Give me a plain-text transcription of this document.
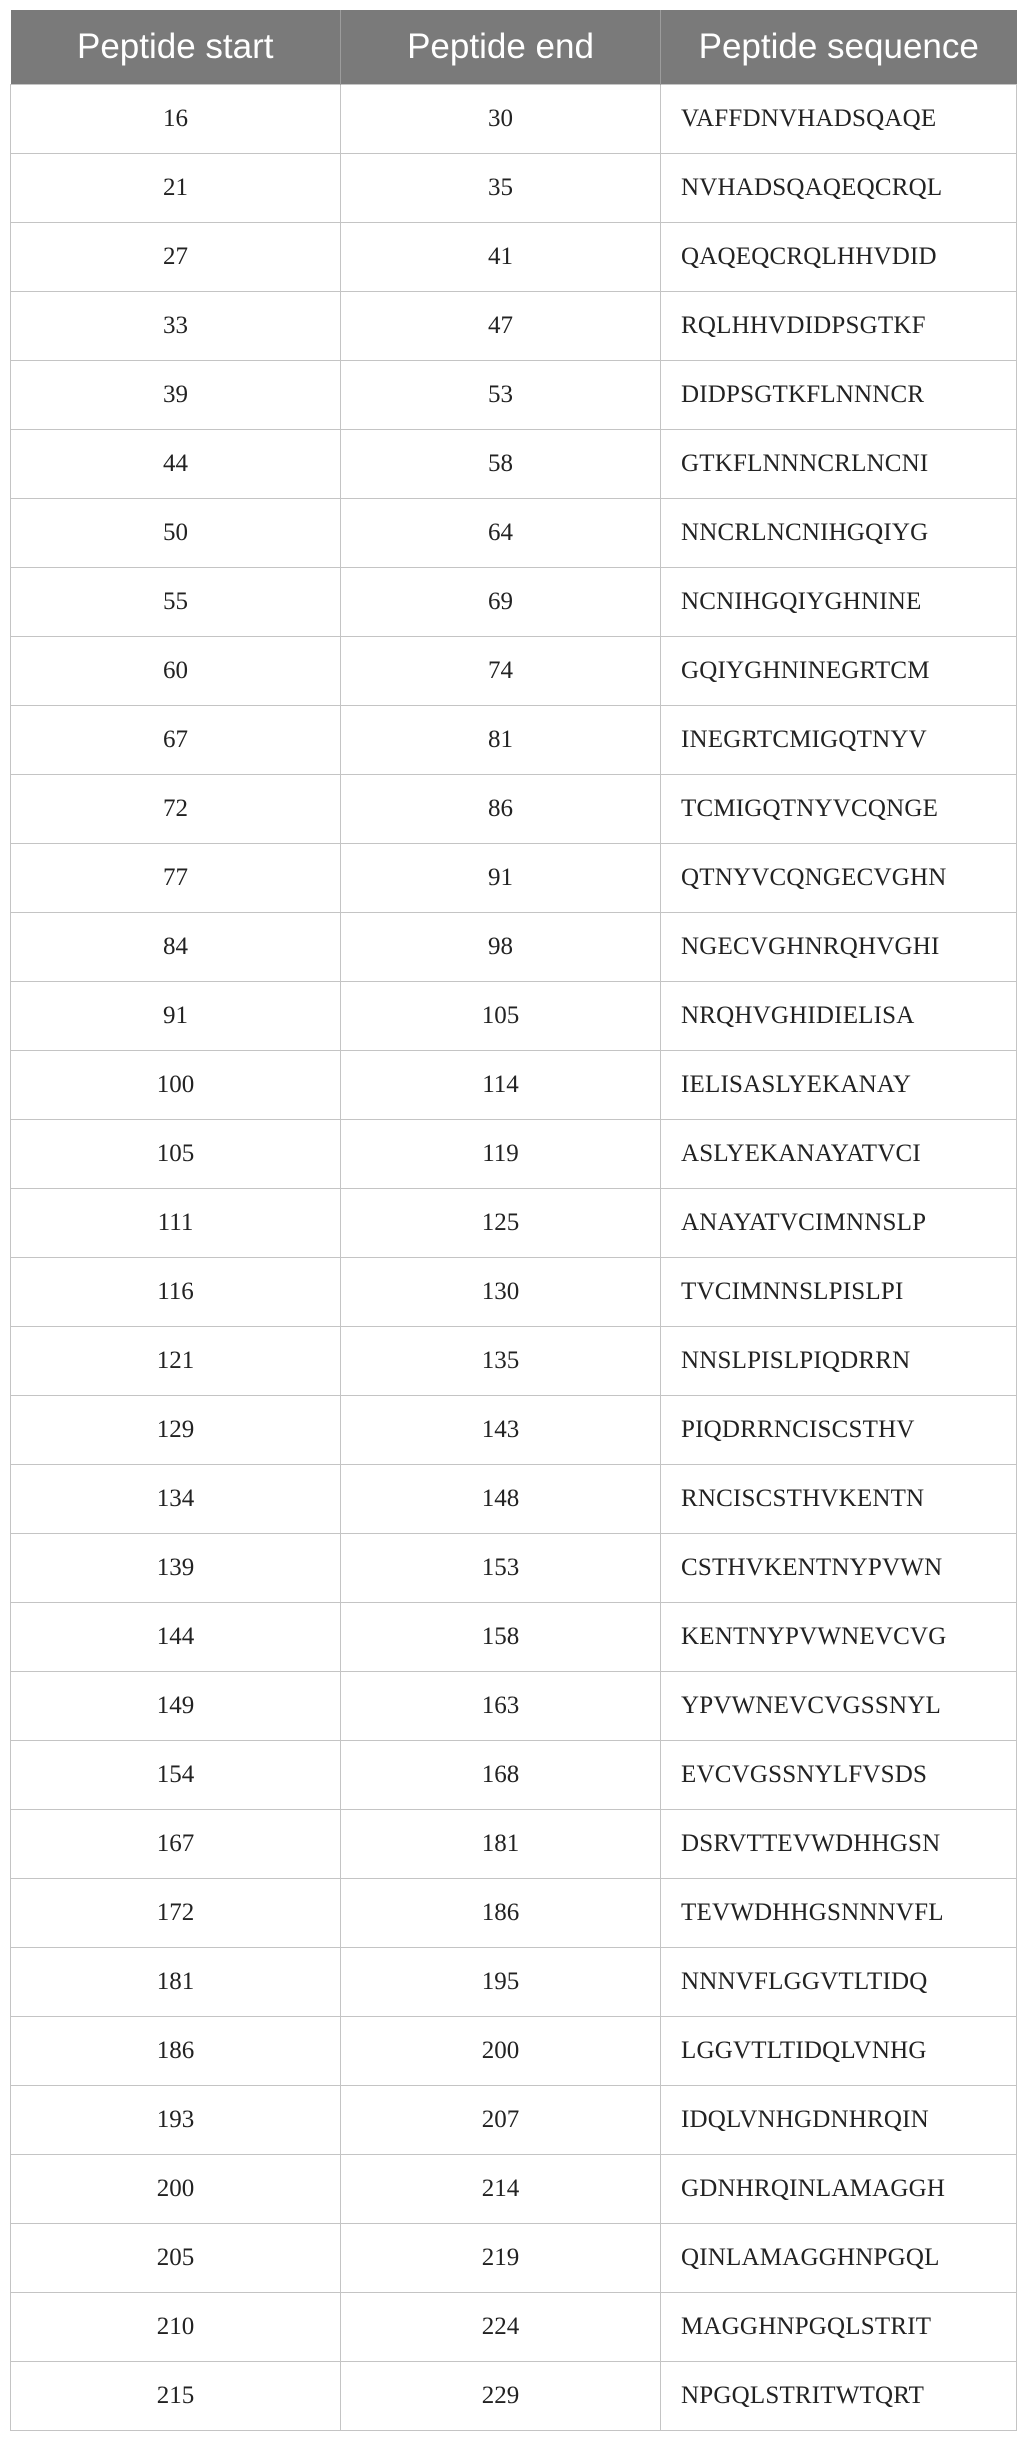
Peptide start	Peptide end	Peptide sequence
16	30	VAFFDNVHADSQAQE
21	35	NVHADSQAQEQCRQL
27	41	QAQEQCRQLHHVDID
33	47	RQLHHVDIDPSGTKF
39	53	DIDPSGTKFLNNNCR
44	58	GTKFLNNNCRLNCNI
50	64	NNCRLNCNIHGQIYG
55	69	NCNIHGQIYGHNINE
60	74	GQIYGHNINEGRTCM
67	81	INEGRTCMIGQTNYV
72	86	TCMIGQTNYVCQNGE
77	91	QTNYVCQNGECVGHN
84	98	NGECVGHNRQHVGHI
91	105	NRQHVGHIDIELISA
100	114	IELISASLYEKANAY
105	119	ASLYEKANAYATVCI
111	125	ANAYATVCIMNNSLP
116	130	TVCIMNNSLPISLPI
121	135	NNSLPISLPIQDRRN
129	143	PIQDRRNCISCSTHV
134	148	RNCISCSTHVKENTN
139	153	CSTHVKENTNYPVWN
144	158	KENTNYPVWNEVCVG
149	163	YPVWNEVCVGSSNYL
154	168	EVCVGSSNYLFVSDS
167	181	DSRVTTEVWDHHGSN
172	186	TEVWDHHGSNNNVFL
181	195	NNNVFLGGVTLTIDQ
186	200	LGGVTLTIDQLVNHG
193	207	IDQLVNHGDNHRQIN
200	214	GDNHRQINLAMAGGH
205	219	QINLAMAGGHNPGQL
210	224	MAGGHNPGQLSTRIT
215	229	NPGQLSTRITWTQRT
